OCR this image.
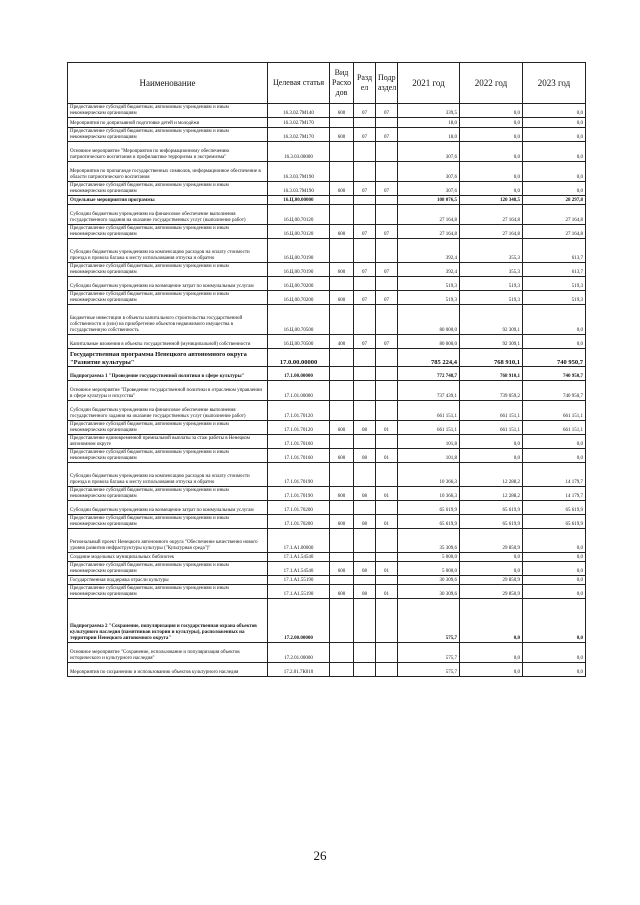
Наименование	Целевая статья	Вид Расхо дов	Разд ел	Подр аздел	2021 год	2022 год	2023 год
Предоставление субсидий бюджетным, автономным учреждениям и иным некоммерческим организациям	16.3.02.7М140	600	07	07	339,5	0,0	0,0
Мероприятия по допризывной подготовке детей и молодёжи	16.3.02.7М170				18,0	0,0	0,0
Предоставление субсидий бюджетным, автономным учреждениям и иным некоммерческим организациям	16.3.02.7М170	600	07	07	18,0	0,0	0,0
Основное мероприятие "Мероприятия по информационному обеспечению патриотического воспитания и профилактике терроризма и экстремизма"	16.3.03.00000				307,6	0,0	0,0
Мероприятия по пропаганде государственных символов, информационное обеспечение в области патриотического воспитания	16.3.03.7М190				307,6	0,0	0,0
Предоставление субсидий бюджетным, автономным учреждениям и иным некоммерческим организациям	16.3.03.7М190	600	07	07	307,6	0,0	0,0
Отдельные мероприятия программы	16.Ц.00.00000				108 076,5	120 348,5	28 297,8
Субсидии бюджетным учреждениям на финансовое обеспечение выполнения государственного задания на оказание государственных услуг (выполнение работ)	16.Ц.00.70120				27 164,8	27 164,8	27 164,8
Предоставление субсидий бюджетным, автономным учреждениям и иным некоммерческим организациям	16.Ц.00.70120	600	07	07	27 164,8	27 164,8	27 164,8
Субсидии бюджетным учреждениям на компенсацию расходов на оплату стоимости проезда и провоза багажа к месту использования отпуска и обратно	16.Ц.00.70190				392,4	355,3	613,7
Предоставление субсидий бюджетным, автономным учреждениям и иным некоммерческим организациям	16.Ц.00.70190	600	07	07	392,4	355,3	613,7
Субсидии бюджетным учреждениям на возмещение затрат по коммунальным услугам	16.Ц.00.70200				519,3	519,3	519,3
Предоставление субсидий бюджетным, автономным учреждениям и иным некоммерческим организациям	16.Ц.00.70200	600	07	07	519,3	519,3	519,3
Бюджетные инвестиции в объекты капитального строительства государственной собственности и (или) на приобретение объектов недвижимого имущества в государственную собственность	16.Ц.00.70500				80 000,0	92 309,1	0,0
Капитальные вложения в объекты государственной (муниципальной) собственности	16.Ц.00.70500	400	07	07	80 000,0	92 309,1	0,0
Государственная программа Ненецкого автономного округа "Развитие культуры"	17.0.00.00000				785 224,4	768 910,1	740 950,7
Подпрограмма 1 "Проведение государственной политики в сфере культуры"	17.1.00.00000				772 748,7	768 910,1	740 950,7
Основное мероприятие "Проведение государственной политики в отраслевом управлении в сфере культуры и искусства"	17.1.01.00000				737 439,1	739 059,2	740 950,7
Субсидии бюджетным учреждениям на финансовое обеспечение выполнения государственного задания на оказание государственных услуг (выполнение работ)	17.1.01.70120				661 151,1	661 151,1	661 151,1
Предоставление субсидий бюджетным, автономным учреждениям и иным некоммерческим организациям	17.1.01.70120	600	08	01	661 151,1	661 151,1	661 151,1
Предоставление единовременной премиальной выплаты за стаж работы в Ненецком автономном округе	17.1.01.70160				101,8	0,0	0,0
Предоставление субсидий бюджетным, автономным учреждениям и иным некоммерческим организациям	17.1.01.70160	600	08	01	101,8	0,0	0,0
Субсидии бюджетным учреждениям на компенсацию расходов на оплату стоимости проезда и провоза багажа к месту использования отпуска и обратно	17.1.01.70190				10 366,3	12 288,2	14 179,7
Предоставление субсидий бюджетным, автономным учреждениям и иным некоммерческим организациям	17.1.01.70190	600	08	01	10 366,3	12 288,2	14 179,7
Субсидии бюджетным учреждениям на возмещение затрат по коммунальным услугам	17.1.01.70200				65 619,9	65 619,9	65 619,9
Предоставление субсидий бюджетным, автономным учреждениям и иным некоммерческим организациям	17.1.01.70200	600	08	01	65 619,9	65 619,9	65 619,9
Региональный проект Ненецкого автономного округа "Обеспечение качественно нового уровня развития инфраструктуры культуры ("Культурная среда")"	17.1.А1.00000				35 309,6	29 850,9	0,0
Создание модельных муниципальных библиотек	17.1.А1.54540				5 000,0	0,0	0,0
Предоставление субсидий бюджетным, автономным учреждениям и иным некоммерческим организациям	17.1.А1.54540	600	08	01	5 000,0	0,0	0,0
Государственная поддержка отрасли культуры	17.1.А1.55190				30 309,6	29 850,9	0,0
Предоставление субсидий бюджетным, автономным учреждениям и иным некоммерческим организациям	17.1.А1.55190	600	08	01	30 309,6	29 850,9	0,0
Подпрограмма 2 "Сохранение, популяризация и государственная охрана объектов культурного наследия (памятников истории и культуры), расположенных на территории Ненецкого автономного округа"	17.2.00.00000				575,7	0,0	0,0
Основное мероприятие "Сохранение, использование и популяризация объектов исторического и культурного наследия"	17.2.01.00000				575,7	0,0	0,0
Мероприятия по сохранению и использованию объектов культурного наследия	17.2.01.7К010				575,7	0,0	0,0
26
